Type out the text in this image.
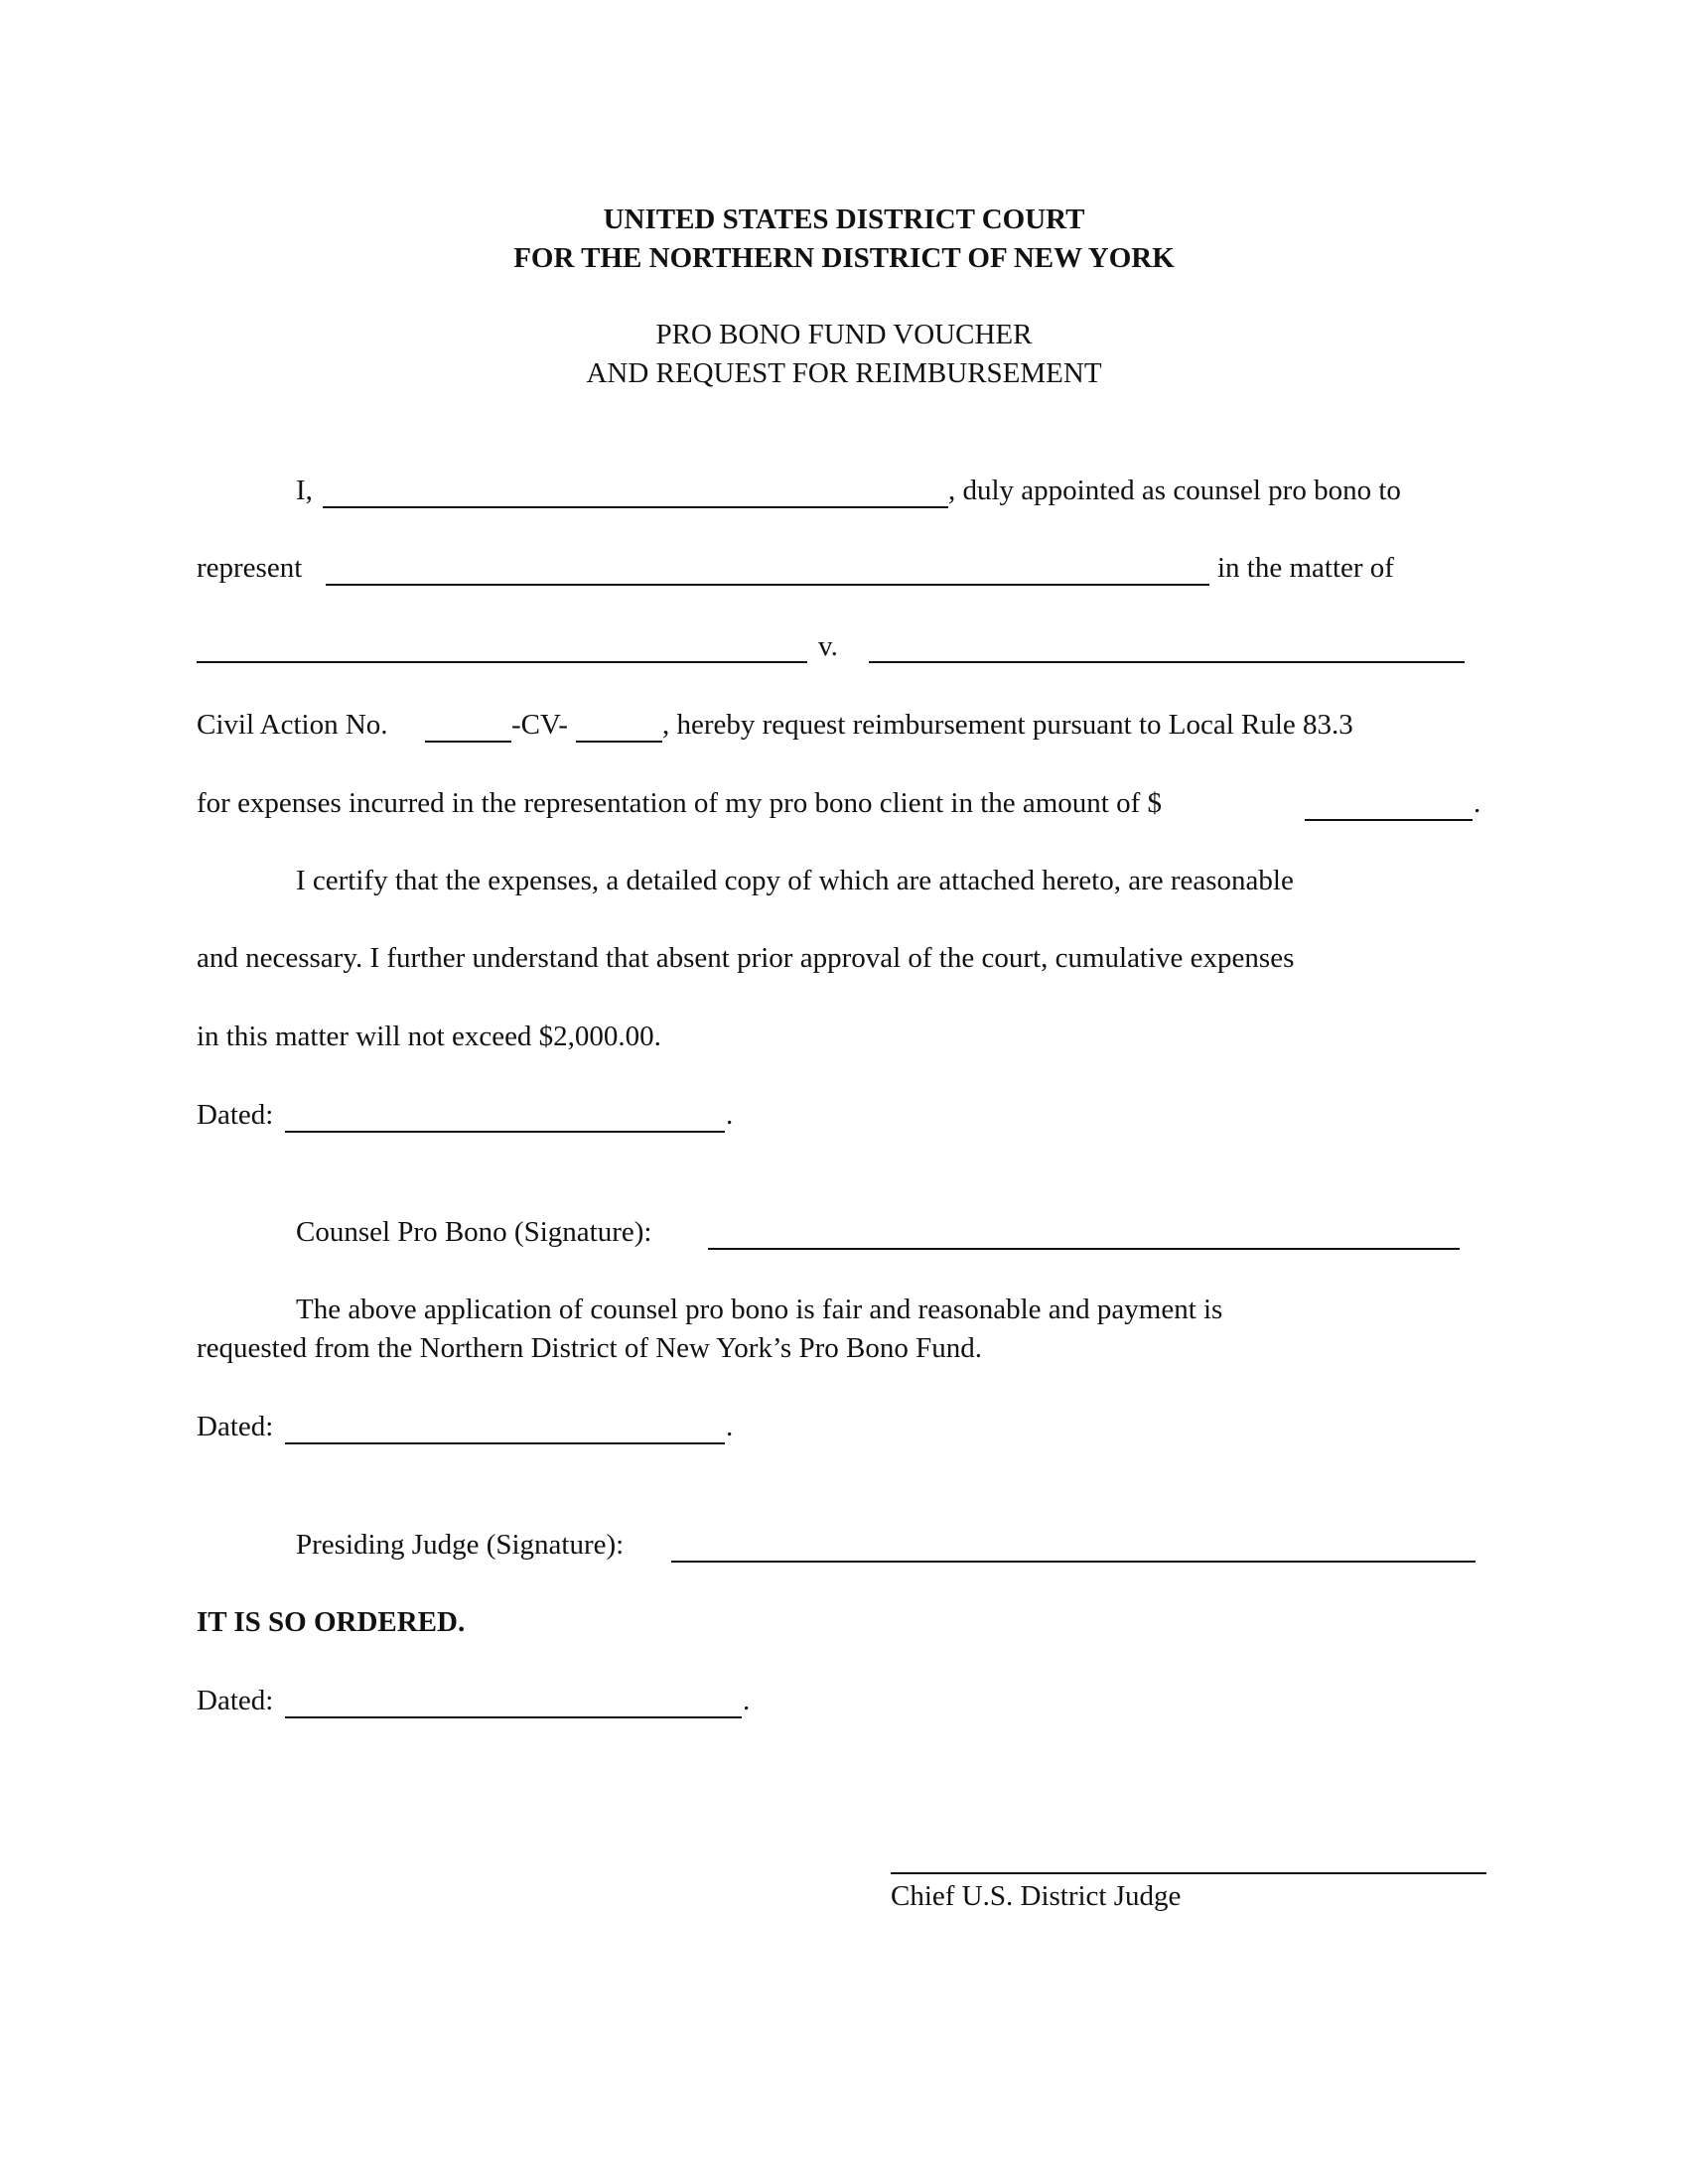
UNITED STATES DISTRICT COURT
FOR THE NORTHERN DISTRICT OF NEW YORK
PRO BONO FUND VOUCHER
AND REQUEST FOR REIMBURSEMENT
I,	, duly appointed as counsel pro bono to
represent	in the matter of
v.
Civil Action No.	-CV-	, hereby request reimbursement pursuant to Local Rule 83.3
for expenses incurred in the representation of my pro bono client in the amount of $	.
I certify that the expenses, a detailed copy of which are attached hereto, are reasonable
and necessary. I further understand that absent prior approval of the court, cumulative expenses
in this matter will not exceed $2,000.00.
Dated:	.
Counsel Pro Bono (Signature):
The above application of counsel pro bono is fair and reasonable and payment is
requested from the Northern District of New York’s Pro Bono Fund.
Dated:	.
Presiding Judge (Signature):
IT IS SO ORDERED.
Dated:	.
Chief U.S. District Judge
